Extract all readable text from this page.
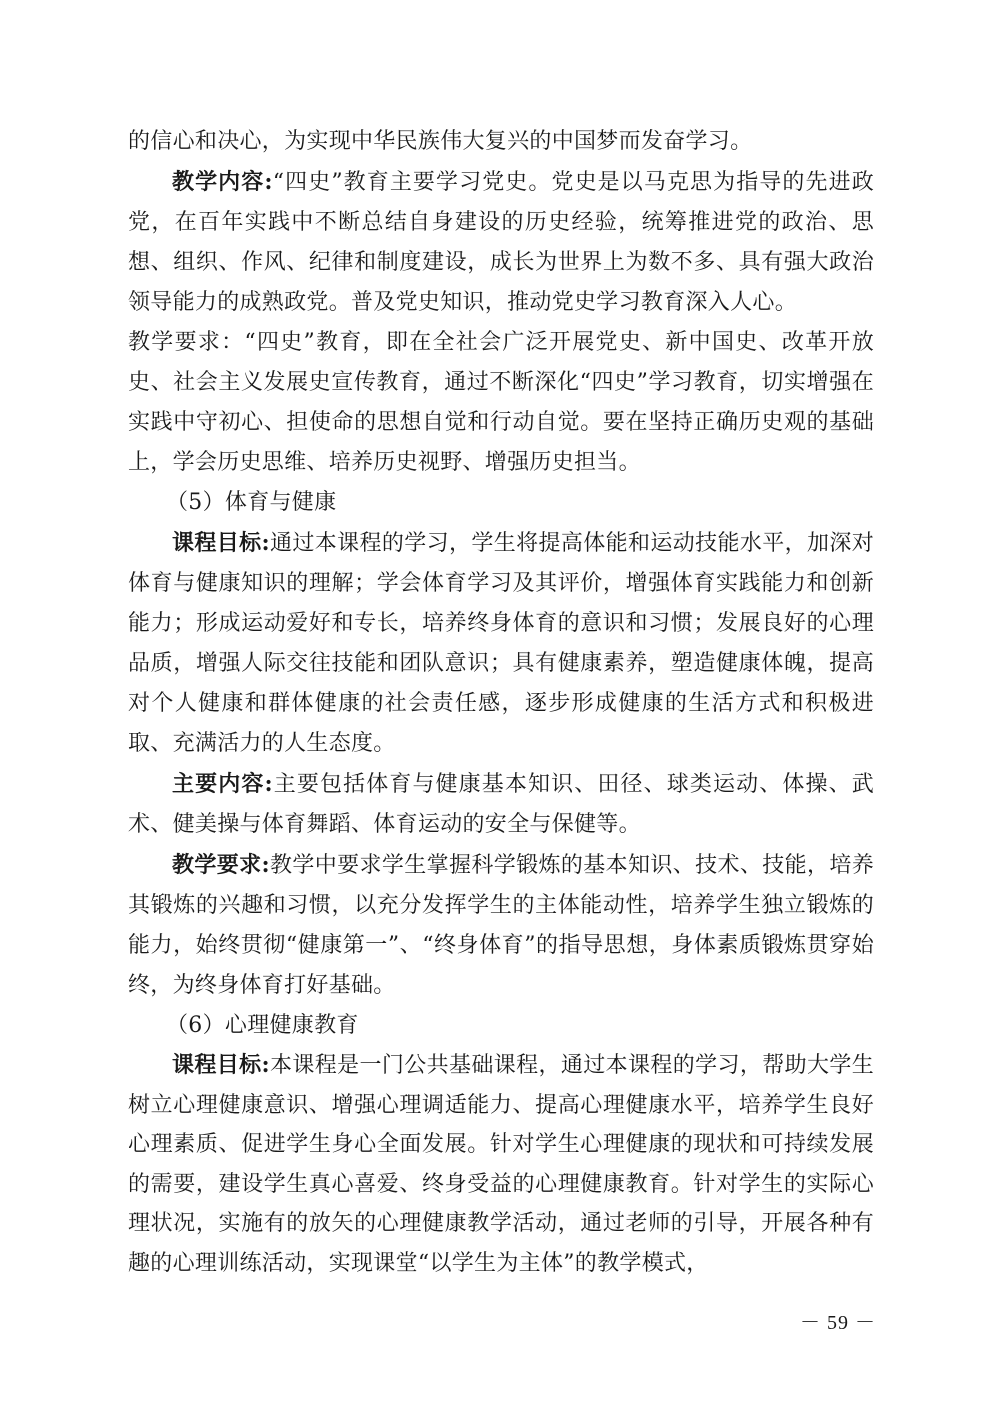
的信心和决心，为实现中华民族伟大复兴的中国梦而发奋学习。

教学内容:“四史”教育主要学习党史。党史是以马克思为指导的先进政党，在百年实践中不断总结自身建设的历史经验，统筹推进党的政治、思想、组织、作风、纪律和制度建设，成长为世界上为数不多、具有强大政治领导能力的成熟政党。普及党史知识，推动党史学习教育深入人心。

教学要求：“四史”教育，即在全社会广泛开展党史、新中国史、改革开放史、社会主义发展史宣传教育，通过不断深化“四史”学习教育，切实增强在实践中守初心、担使命的思想自觉和行动自觉。要在坚持正确历史观的基础上，学会历史思维、培养历史视野、增强历史担当。

（5）体育与健康

课程目标:通过本课程的学习，学生将提高体能和运动技能水平，加深对体育与健康知识的理解；学会体育学习及其评价，增强体育实践能力和创新能力；形成运动爱好和专长，培养终身体育的意识和习惯；发展良好的心理品质，增强人际交往技能和团队意识；具有健康素养，塑造健康体魄，提高对个人健康和群体健康的社会责任感，逐步形成健康的生活方式和积极进取、充满活力的人生态度。

主要内容:主要包括体育与健康基本知识、田径、球类运动、体操、武术、健美操与体育舞蹈、体育运动的安全与保健等。

教学要求:教学中要求学生掌握科学锻炼的基本知识、技术、技能，培养其锻炼的兴趣和习惯，以充分发挥学生的主体能动性，培养学生独立锻炼的能力，始终贯彻“健康第一”、“终身体育”的指导思想，身体素质锻炼贯穿始终，为终身体育打好基础。

（6）心理健康教育

课程目标:本课程是一门公共基础课程，通过本课程的学习，帮助大学生树立心理健康意识、增强心理调适能力、提高心理健康水平，培养学生良好心理素质、促进学生身心全面发展。针对学生心理健康的现状和可持续发展的需要，建设学生真心喜爱、终身受益的心理健康教育。针对学生的实际心理状况，实施有的放矢的心理健康教学活动，通过老师的引导，开展各种有趣的心理训练活动，实现课堂“以学生为主体”的教学模式，

－ 59 －
